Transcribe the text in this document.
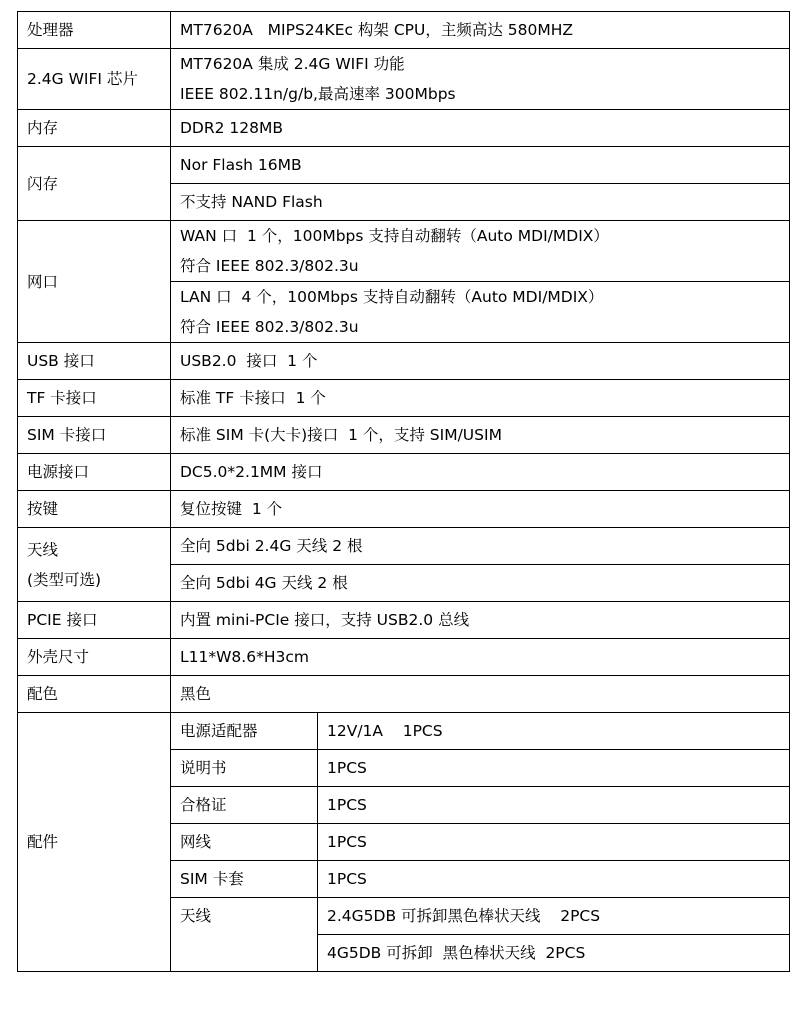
处理器	MT7620A   MIPS24KEc 构架 CPU，主频高达 580MHZ	
2.4G WIFI 芯片	MT7620A 集成 2.4G WIFI 功能
IEEE 802.11n/g/b,最高速率 300Mbps	

内存	DDR2 128MB	
闪存	Nor Flash 16MB	
	不支持 NAND Flash	
网口	WAN 口  1 个，100Mbps 支持自动翻转（Auto MDI/MDIX）
符合 IEEE 802.3/802.3u	

	LAN 口  4 个，100Mbps 支持自动翻转（Auto MDI/MDIX）
符合 IEEE 802.3/802.3u	

USB 接口	USB2.0  接口  1 个	
TF 卡接口	标准 TF 卡接口  1 个	
SIM 卡接口	标准 SIM 卡(大卡)接口  1 个，支持 SIM/USIM	
电源接口	DC5.0*2.1MM 接口	
按键	复位按键  1 个	

天线
(类型可选)	全向 5dbi 2.4G 天线 2 根	
	全向 5dbi 4G 天线 2 根	
PCIE 接口	内置 mini-PCIe 接口，支持 USB2.0 总线	
外壳尺寸	L11*W8.6*H3cm	
配色	黑色	
配件	电源适配器	12V/1A    1PCS
	说明书	1PCS
	合格证	1PCS
	网线	1PCS
	SIM 卡套	1PCS
	天线	2.4G5DB 可拆卸黑色棒状天线    2PCS
		4G5DB 可拆卸  黑色棒状天线  2PCS
